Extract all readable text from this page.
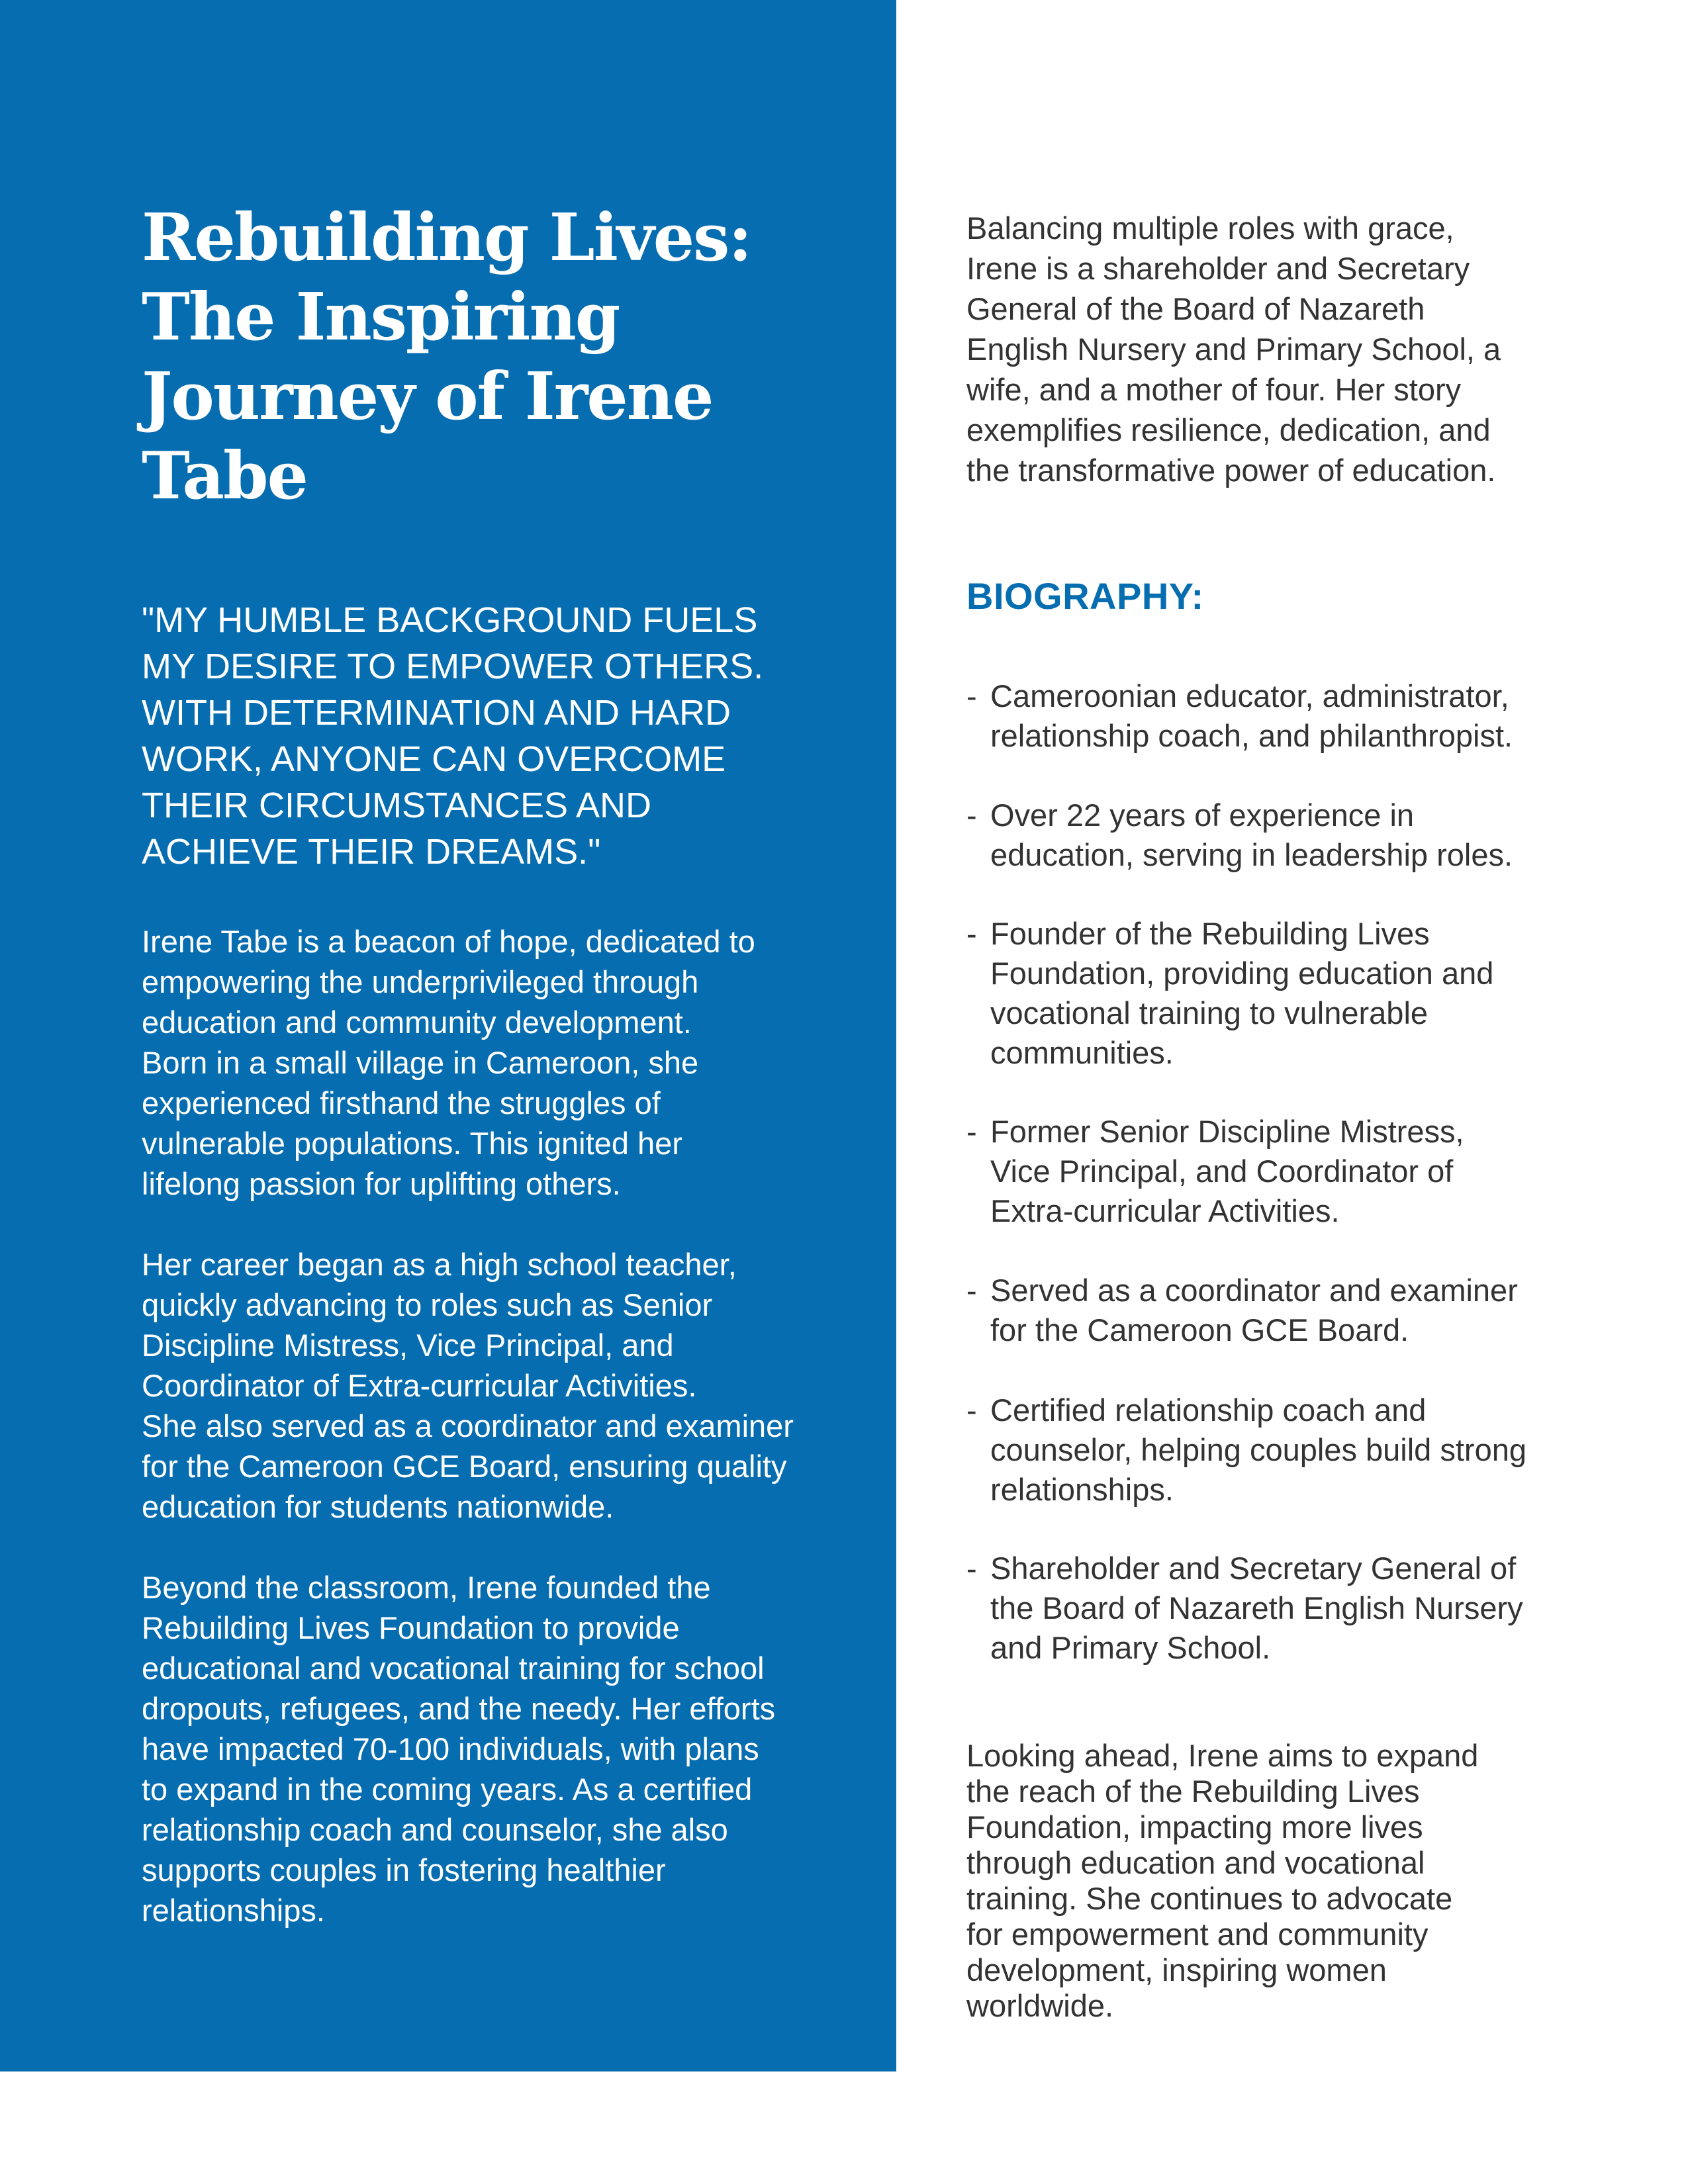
Rebuilding Lives:
The Inspiring
Journey of Irene
Tabe

"MY HUMBLE BACKGROUND FUELS
MY DESIRE TO EMPOWER OTHERS.
WITH DETERMINATION AND HARD
WORK, ANYONE CAN OVERCOME
THEIR CIRCUMSTANCES AND
ACHIEVE THEIR DREAMS."

Irene Tabe is a beacon of hope, dedicated to
empowering the underprivileged through
education and community development.
Born in a small village in Cameroon, she
experienced firsthand the struggles of
vulnerable populations. This ignited her
lifelong passion for uplifting others.

Her career began as a high school teacher,
quickly advancing to roles such as Senior
Discipline Mistress, Vice Principal, and
Coordinator of Extra-curricular Activities.
She also served as a coordinator and examiner
for the Cameroon GCE Board, ensuring quality
education for students nationwide.

Beyond the classroom, Irene founded the
Rebuilding Lives Foundation to provide
educational and vocational training for school
dropouts, refugees, and the needy. Her efforts
have impacted 70-100 individuals, with plans
to expand in the coming years. As a certified
relationship coach and counselor, she also
supports couples in fostering healthier
relationships.

Balancing multiple roles with grace,
Irene is a shareholder and Secretary
General of the Board of Nazareth
English Nursery and Primary School, a
wife, and a mother of four. Her story
exemplifies resilience, dedication, and
the transformative power of education.

BIOGRAPHY:
- Cameroonian educator, administrator,
relationship coach, and philanthropist.
- Over 22 years of experience in
education, serving in leadership roles.
- Founder of the Rebuilding Lives
Foundation, providing education and
vocational training to vulnerable
communities.
- Former Senior Discipline Mistress,
Vice Principal, and Coordinator of
Extra-curricular Activities.
- Served as a coordinator and examiner
for the Cameroon GCE Board.
- Certified relationship coach and
counselor, helping couples build strong
relationships.
- Shareholder and Secretary General of
the Board of Nazareth English Nursery
and Primary School.

Looking ahead, Irene aims to expand
the reach of the Rebuilding Lives
Foundation, impacting more lives
through education and vocational
training. She continues to advocate
for empowerment and community
development, inspiring women
worldwide.
